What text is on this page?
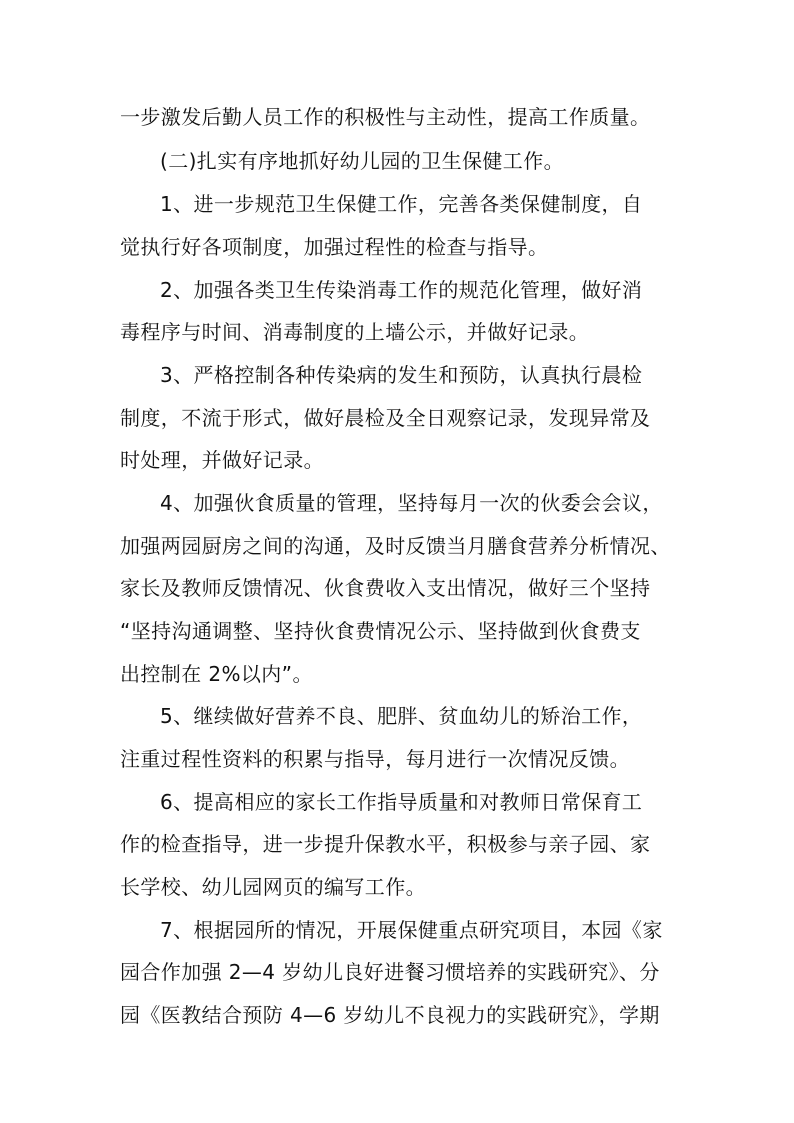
一步激发后勤人员工作的积极性与主动性，提高工作质量。
(二)扎实有序地抓好幼儿园的卫生保健工作。
1、进一步规范卫生保健工作，完善各类保健制度，自
觉执行好各项制度，加强过程性的检查与指导。
2、加强各类卫生传染消毒工作的规范化管理，做好消
毒程序与时间、消毒制度的上墙公示，并做好记录。
3、严格控制各种传染病的发生和预防，认真执行晨检
制度，不流于形式，做好晨检及全日观察记录，发现异常及
时处理，并做好记录。
4、加强伙食质量的管理，坚持每月一次的伙委会会议，
加强两园厨房之间的沟通，及时反馈当月膳食营养分析情况、
家长及教师反馈情况、伙食费收入支出情况，做好三个坚持
“坚持沟通调整、坚持伙食费情况公示、坚持做到伙食费支
出控制在 2%以内”。
5、继续做好营养不良、肥胖、贫血幼儿的矫治工作，
注重过程性资料的积累与指导，每月进行一次情况反馈。
6、提高相应的家长工作指导质量和对教师日常保育工
作的检查指导，进一步提升保教水平，积极参与亲子园、家
长学校、幼儿园网页的编写工作。
7、根据园所的情况，开展保健重点研究项目，本园《家
园合作加强 2—4 岁幼儿良好进餐习惯培养的实践研究》、分
园《医教结合预防 4—6 岁幼儿不良视力的实践研究》，学期
